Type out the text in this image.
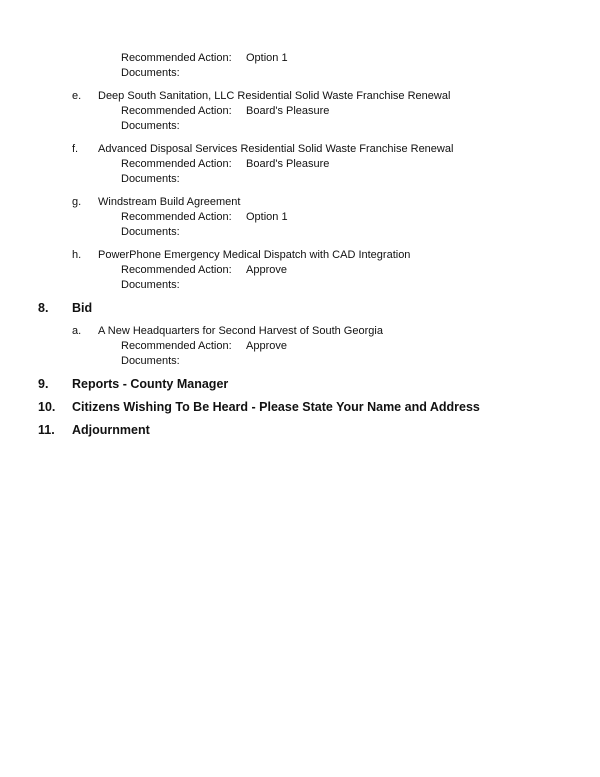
Recommended Action: Option 1
Documents:
e. Deep South Sanitation, LLC Residential Solid Waste Franchise Renewal
Recommended Action: Board's Pleasure
Documents:
f. Advanced Disposal Services Residential Solid Waste Franchise Renewal
Recommended Action: Board's Pleasure
Documents:
g. Windstream Build Agreement
Recommended Action: Option 1
Documents:
h. PowerPhone Emergency Medical Dispatch with CAD Integration
Recommended Action: Approve
Documents:
8. Bid
a. A New Headquarters for Second Harvest of South Georgia
Recommended Action: Approve
Documents:
9. Reports - County Manager
10. Citizens Wishing To Be Heard - Please State Your Name and Address
11. Adjournment
